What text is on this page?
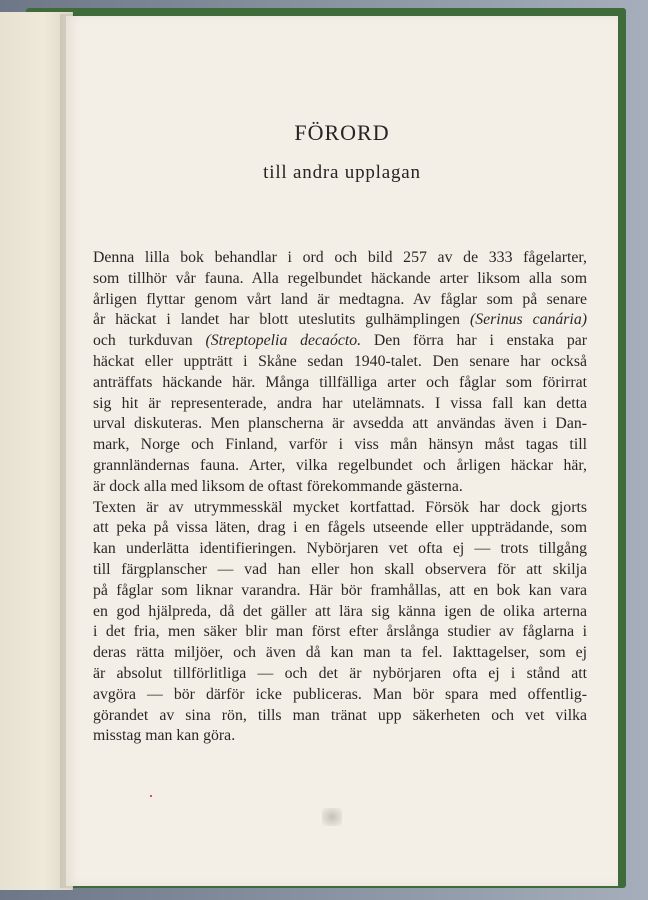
FÖRORD
till andra upplagan
Denna lilla bok behandlar i ord och bild 257 av de 333 fågelarter,
som tillhör vår fauna. Alla regelbundet häckande arter liksom alla som
årligen flyttar genom vårt land är medtagna. Av fåglar som på senare
år häckat i landet har blott uteslutits gulhämplingen (Serinus canária)
och turkduvan (Streptopelia decaócto. Den förra har i enstaka par
häckat eller uppträtt i Skåne sedan 1940-talet. Den senare har också
anträffats häckande här. Många tillfälliga arter och fåglar som förirrat
sig hit är representerade, andra har utelämnats. I vissa fall kan detta
urval diskuteras. Men planscherna är avsedda att användas även i Dan-
mark, Norge och Finland, varför i viss mån hänsyn måst tagas till
grannländernas fauna. Arter, vilka regelbundet och årligen häckar här,
är dock alla med liksom de oftast förekommande gästerna.
Texten är av utrymmesskäl mycket kortfattad. Försök har dock gjorts
att peka på vissa läten, drag i en fågels utseende eller uppträdande, som
kan underlätta identifieringen. Nybörjaren vet ofta ej — trots tillgång
till färgplanscher — vad han eller hon skall observera för att skilja
på fåglar som liknar varandra. Här bör framhållas, att en bok kan vara
en god hjälpreda, då det gäller att lära sig känna igen de olika arterna
i det fria, men säker blir man först efter årslånga studier av fåglarna i
deras rätta miljöer, och även då kan man ta fel. Iakttagelser, som ej
är absolut tillförlitliga — och det är nybörjaren ofta ej i stånd att
avgöra — bör därför icke publiceras. Man bör spara med offentlig-
görandet av sina rön, tills man tränat upp säkerheten och vet vilka
misstag man kan göra.
